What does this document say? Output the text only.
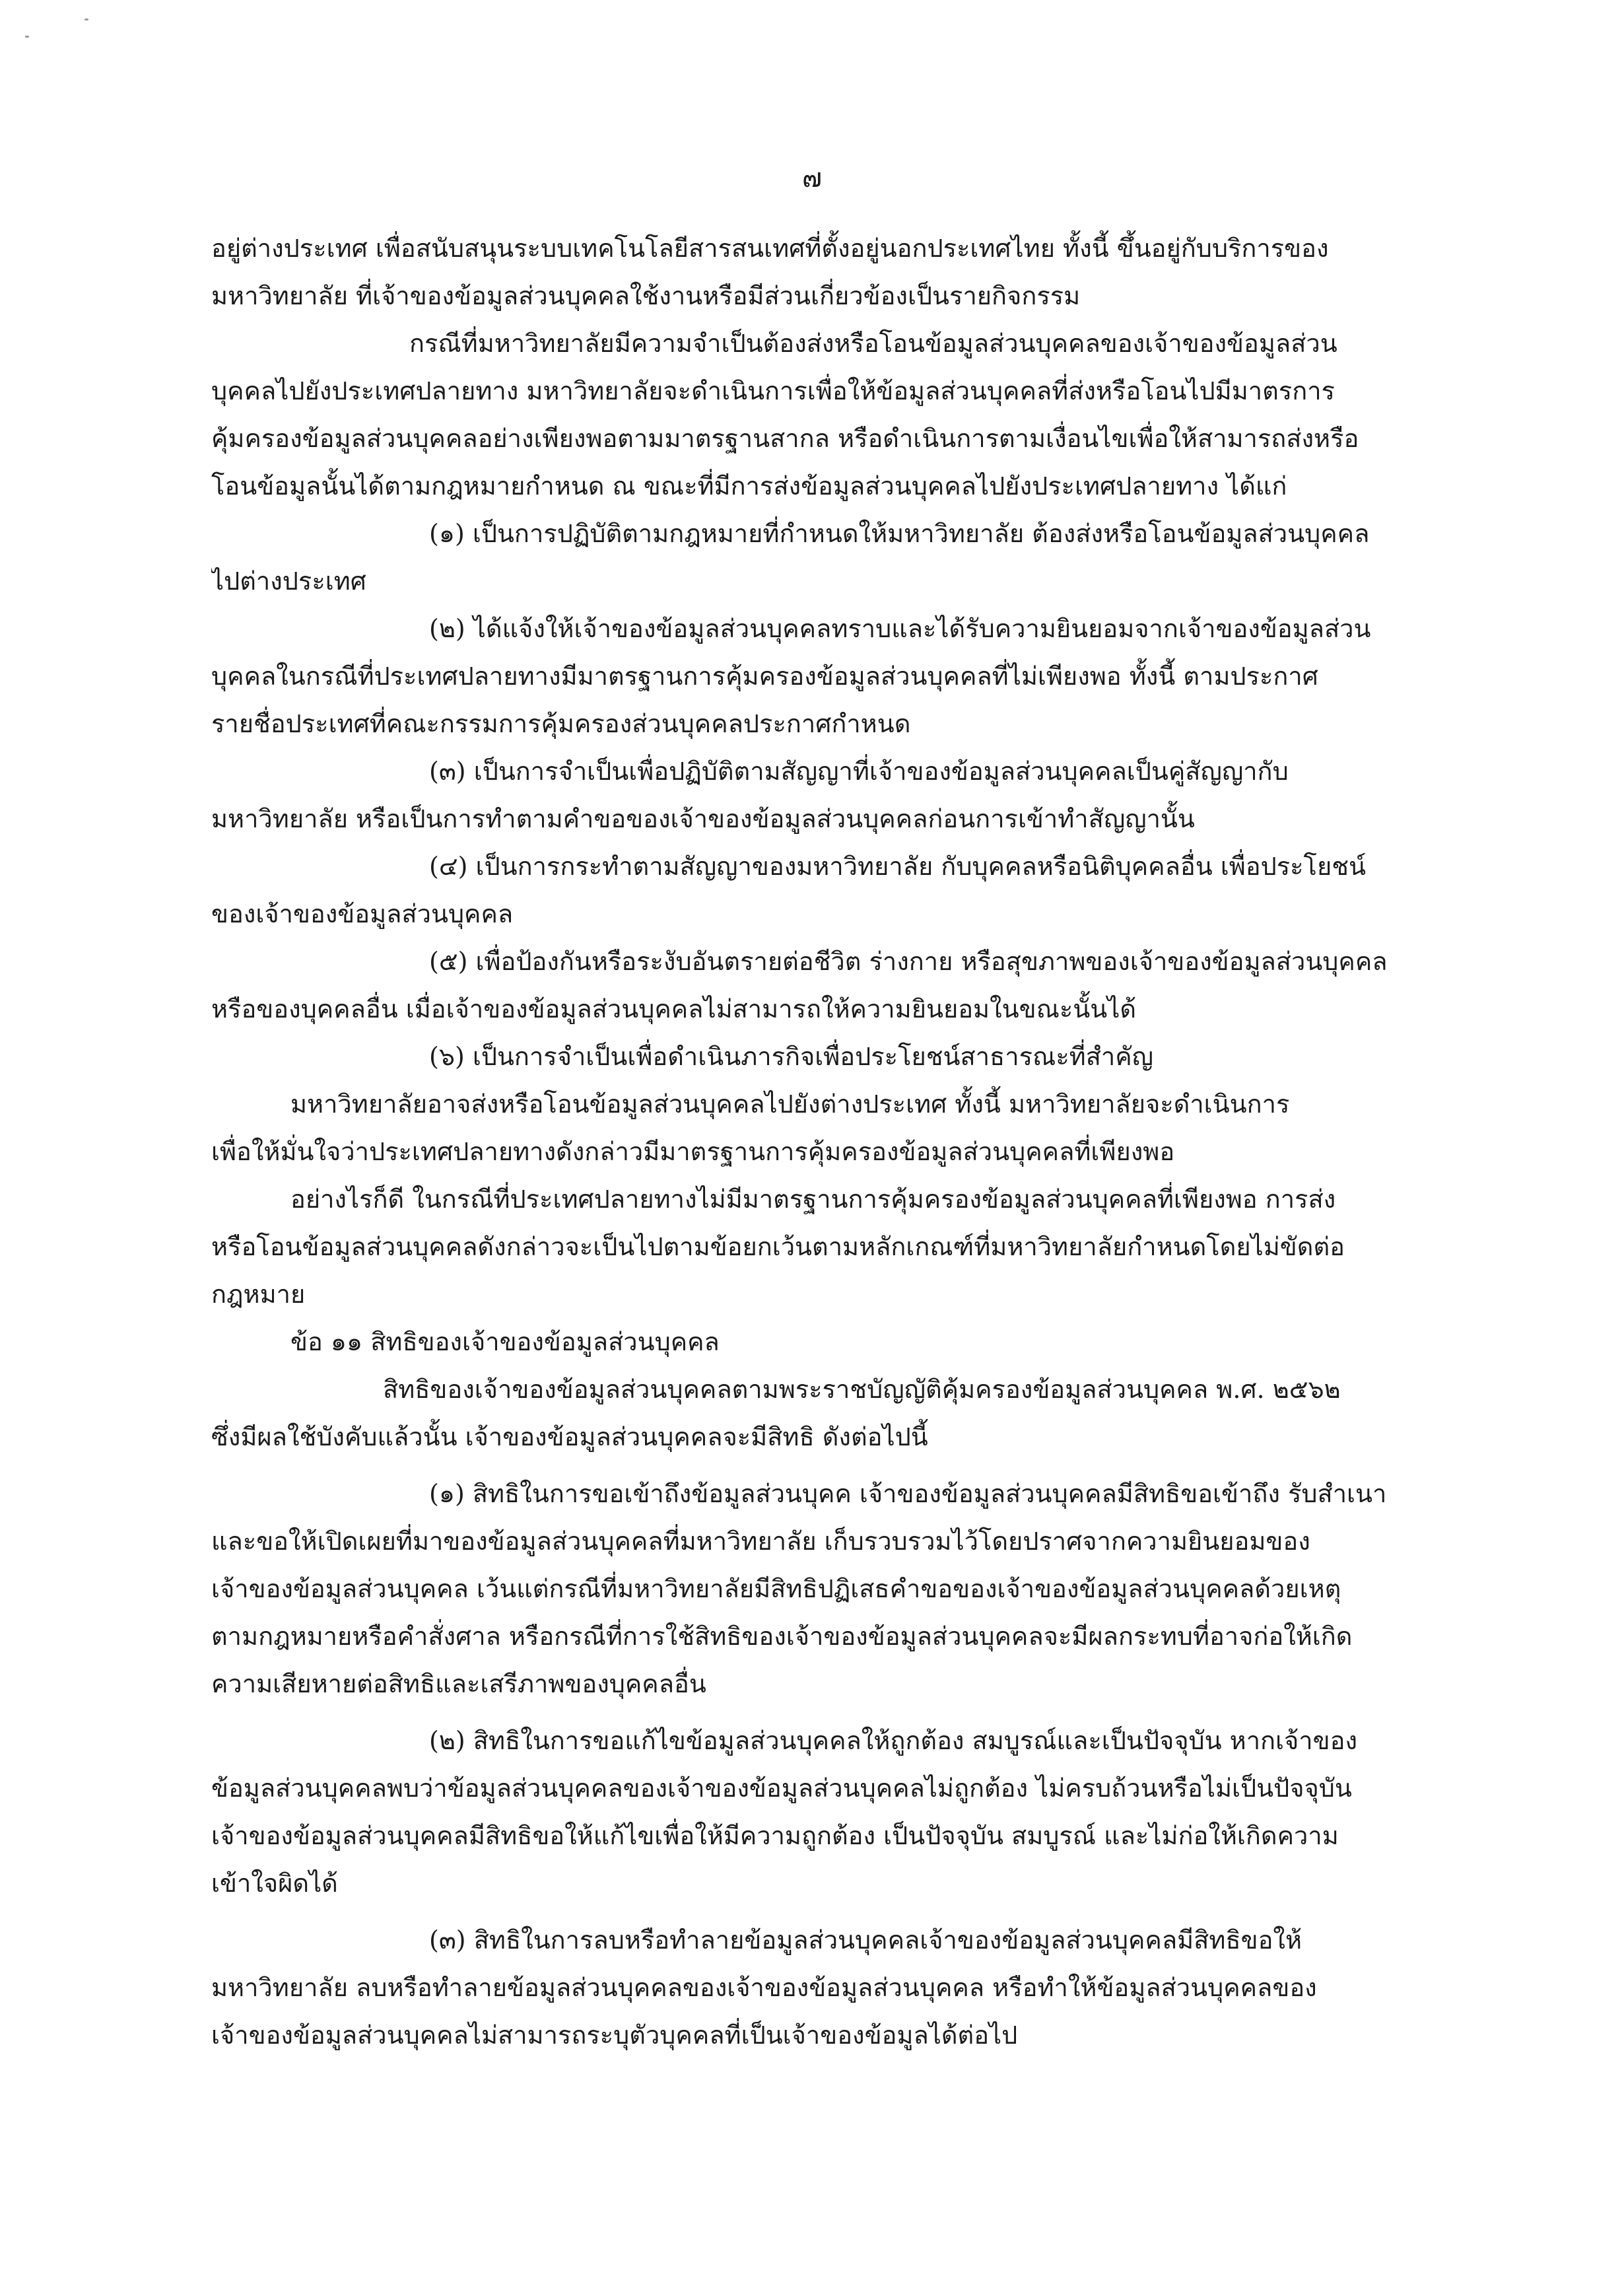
๗
อยู่ต่างประเทศ เพื่อสนับสนุนระบบเทคโนโลยีสารสนเทศที่ตั้งอยู่นอกประเทศไทย ทั้งนี้ ขึ้นอยู่กับบริการของ
มหาวิทยาลัย ที่เจ้าของข้อมูลส่วนบุคคลใช้งานหรือมีส่วนเกี่ยวข้องเป็นรายกิจกรรม
กรณีที่มหาวิทยาลัยมีความจำเป็นต้องส่งหรือโอนข้อมูลส่วนบุคคลของเจ้าของข้อมูลส่วน
บุคคลไปยังประเทศปลายทาง มหาวิทยาลัยจะดำเนินการเพื่อให้ข้อมูลส่วนบุคคลที่ส่งหรือโอนไปมีมาตรการ
คุ้มครองข้อมูลส่วนบุคคลอย่างเพียงพอตามมาตรฐานสากล หรือดำเนินการตามเงื่อนไขเพื่อให้สามารถส่งหรือ
โอนข้อมูลนั้นได้ตามกฎหมายกำหนด ณ ขณะที่มีการส่งข้อมูลส่วนบุคคลไปยังประเทศปลายทาง ได้แก่
(๑) เป็นการปฏิบัติตามกฎหมายที่กำหนดให้มหาวิทยาลัย ต้องส่งหรือโอนข้อมูลส่วนบุคคล
ไปต่างประเทศ
(๒) ได้แจ้งให้เจ้าของข้อมูลส่วนบุคคลทราบและได้รับความยินยอมจากเจ้าของข้อมูลส่วน
บุคคลในกรณีที่ประเทศปลายทางมีมาตรฐานการคุ้มครองข้อมูลส่วนบุคคลที่ไม่เพียงพอ ทั้งนี้ ตามประกาศ
รายชื่อประเทศที่คณะกรรมการคุ้มครองส่วนบุคคลประกาศกำหนด
(๓) เป็นการจำเป็นเพื่อปฏิบัติตามสัญญาที่เจ้าของข้อมูลส่วนบุคคลเป็นคู่สัญญากับ
มหาวิทยาลัย หรือเป็นการทำตามคำขอของเจ้าของข้อมูลส่วนบุคคลก่อนการเข้าทำสัญญานั้น
(๔) เป็นการกระทำตามสัญญาของมหาวิทยาลัย กับบุคคลหรือนิติบุคคลอื่น เพื่อประโยชน์
ของเจ้าของข้อมูลส่วนบุคคล
(๕) เพื่อป้องกันหรือระงับอันตรายต่อชีวิต ร่างกาย หรือสุขภาพของเจ้าของข้อมูลส่วนบุคคล
หรือของบุคคลอื่น เมื่อเจ้าของข้อมูลส่วนบุคคลไม่สามารถให้ความยินยอมในขณะนั้นได้
(๖) เป็นการจำเป็นเพื่อดำเนินภารกิจเพื่อประโยชน์สาธารณะที่สำคัญ
มหาวิทยาลัยอาจส่งหรือโอนข้อมูลส่วนบุคคลไปยังต่างประเทศ ทั้งนี้ มหาวิทยาลัยจะดำเนินการ
เพื่อให้มั่นใจว่าประเทศปลายทางดังกล่าวมีมาตรฐานการคุ้มครองข้อมูลส่วนบุคคลที่เพียงพอ
อย่างไรก็ดี ในกรณีที่ประเทศปลายทางไม่มีมาตรฐานการคุ้มครองข้อมูลส่วนบุคคลที่เพียงพอ การส่ง
หรือโอนข้อมูลส่วนบุคคลดังกล่าวจะเป็นไปตามข้อยกเว้นตามหลักเกณฑ์ที่มหาวิทยาลัยกำหนดโดยไม่ขัดต่อ
กฎหมาย
ข้อ ๑๑ สิทธิของเจ้าของข้อมูลส่วนบุคคล
สิทธิของเจ้าของข้อมูลส่วนบุคคลตามพระราชบัญญัติคุ้มครองข้อมูลส่วนบุคคล พ.ศ. ๒๕๖๒
ซึ่งมีผลใช้บังคับแล้วนั้น เจ้าของข้อมูลส่วนบุคคลจะมีสิทธิ ดังต่อไปนี้
(๑) สิทธิในการขอเข้าถึงข้อมูลส่วนบุคค เจ้าของข้อมูลส่วนบุคคลมีสิทธิขอเข้าถึง รับสำเนา
และขอให้เปิดเผยที่มาของข้อมูลส่วนบุคคลที่มหาวิทยาลัย เก็บรวบรวมไว้โดยปราศจากความยินยอมของ
เจ้าของข้อมูลส่วนบุคคล เว้นแต่กรณีที่มหาวิทยาลัยมีสิทธิปฏิเสธคำขอของเจ้าของข้อมูลส่วนบุคคลด้วยเหตุ
ตามกฎหมายหรือคำสั่งศาล หรือกรณีที่การใช้สิทธิของเจ้าของข้อมูลส่วนบุคคลจะมีผลกระทบที่อาจก่อให้เกิด
ความเสียหายต่อสิทธิและเสรีภาพของบุคคลอื่น
(๒) สิทธิในการขอแก้ไขข้อมูลส่วนบุคคลให้ถูกต้อง สมบูรณ์และเป็นปัจจุบัน หากเจ้าของ
ข้อมูลส่วนบุคคลพบว่าข้อมูลส่วนบุคคลของเจ้าของข้อมูลส่วนบุคคลไม่ถูกต้อง ไม่ครบถ้วนหรือไม่เป็นปัจจุบัน
เจ้าของข้อมูลส่วนบุคคลมีสิทธิขอให้แก้ไขเพื่อให้มีความถูกต้อง เป็นปัจจุบัน สมบูรณ์ และไม่ก่อให้เกิดความ
เข้าใจผิดได้
(๓) สิทธิในการลบหรือทำลายข้อมูลส่วนบุคคลเจ้าของข้อมูลส่วนบุคคลมีสิทธิขอให้
มหาวิทยาลัย ลบหรือทำลายข้อมูลส่วนบุคคลของเจ้าของข้อมูลส่วนบุคคล หรือทำให้ข้อมูลส่วนบุคคลของ
เจ้าของข้อมูลส่วนบุคคลไม่สามารถระบุตัวบุคคลที่เป็นเจ้าของข้อมูลได้ต่อไป
